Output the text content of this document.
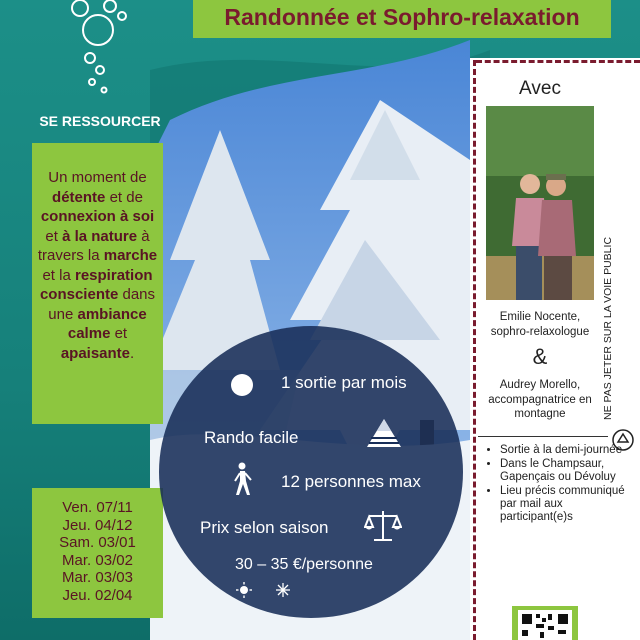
Randonnée et Sophro-relaxation
SE RESSOURCER
Un moment de détente et de connexion à soi et à la nature à travers la marche et la respiration consciente dans une ambiance calme et apaisante.
Ven. 07/11
Jeu. 04/12
Sam. 03/01
Mar. 03/02
Mar. 03/03
Jeu. 02/04
1 sortie par mois
Rando facile
12 personnes max
Prix selon saison
30 – 35 €/personne
Avec
Emilie Nocente,
sophro-relaxologue
&
Audrey Morello,
accompagnatrice en montagne
• Sortie à la demi-journée
• Dans le Champsaur, Gapençais ou Dévoluy
• Lieu précis communiqué par mail aux participant(e)s
NE PAS JETER SUR LA VOIE PUBLIC
